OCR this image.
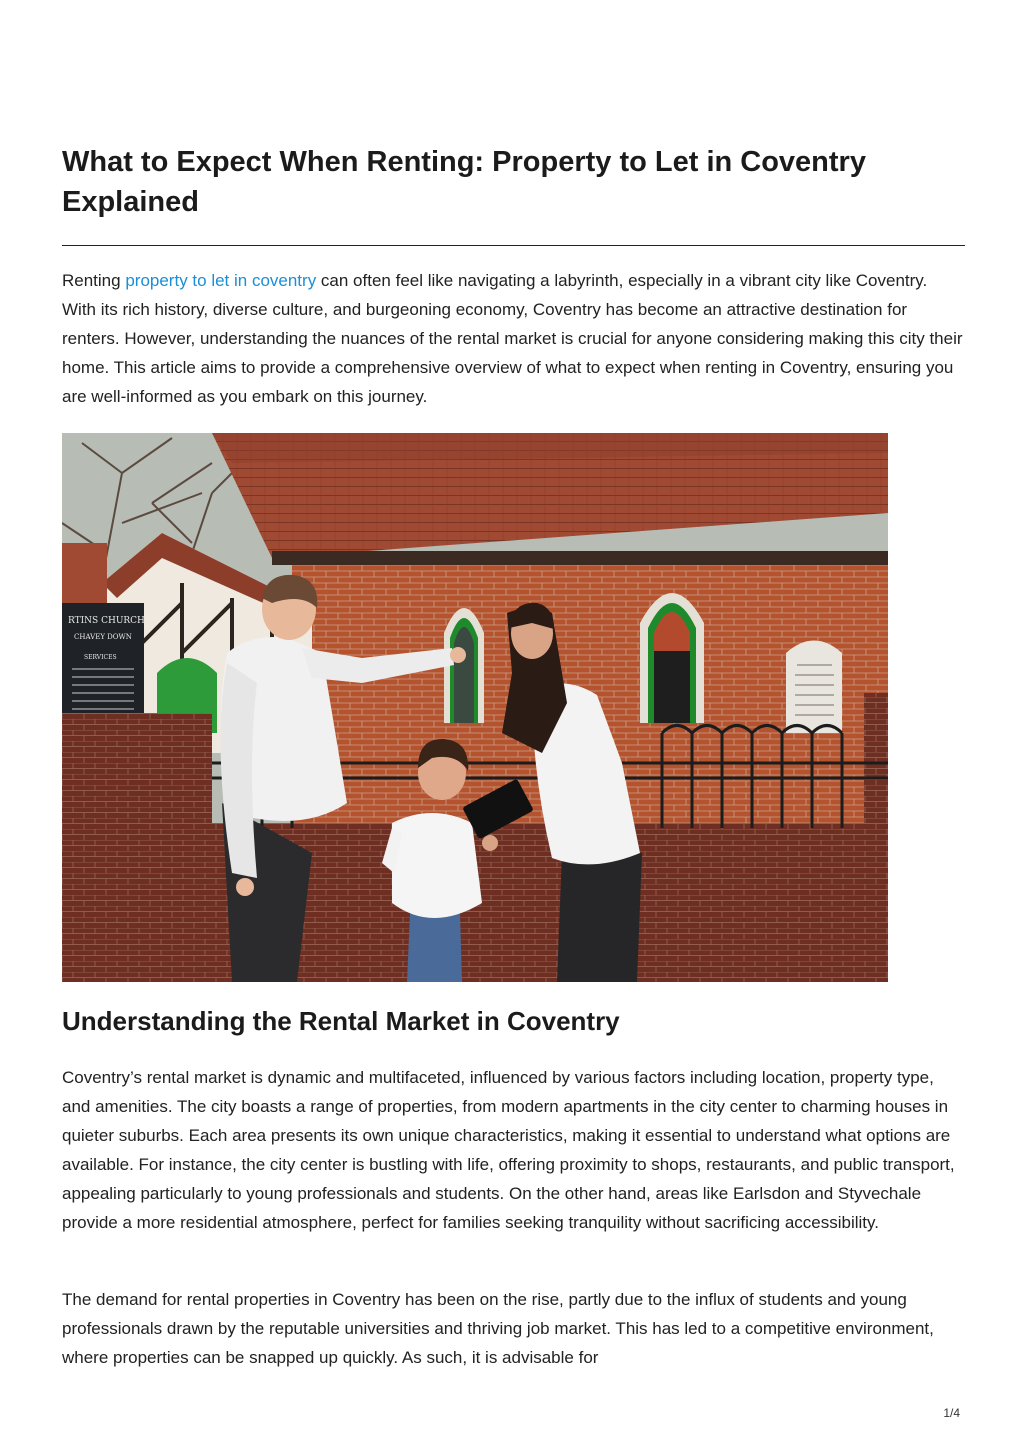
What to Expect When Renting: Property to Let in Coventry Explained

Renting property to let in coventry can often feel like navigating a labyrinth, especially in a vibrant city like Coventry. With its rich history, diverse culture, and burgeoning economy, Coventry has become an attractive destination for renters. However, understanding the nuances of the rental market is crucial for anyone considering making this city their home. This article aims to provide a comprehensive overview of what to expect when renting in Coventry, ensuring you are well-informed as you embark on this journey.

RTINS CHURCH
CHAVEY DOWN
SERVICES
Understanding the Rental Market in Coventry

Coventry’s rental market is dynamic and multifaceted, influenced by various factors including location, property type, and amenities. The city boasts a range of properties, from modern apartments in the city center to charming houses in quieter suburbs. Each area presents its own unique characteristics, making it essential to understand what options are available. For instance, the city center is bustling with life, offering proximity to shops, restaurants, and public transport, appealing particularly to young professionals and students. On the other hand, areas like Earlsdon and Styvechale provide a more residential atmosphere, perfect for families seeking tranquility without sacrificing accessibility.

The demand for rental properties in Coventry has been on the rise, partly due to the influx of students and young professionals drawn by the reputable universities and thriving job market. This has led to a competitive environment, where properties can be snapped up quickly. As such, it is advisable for

1/4
